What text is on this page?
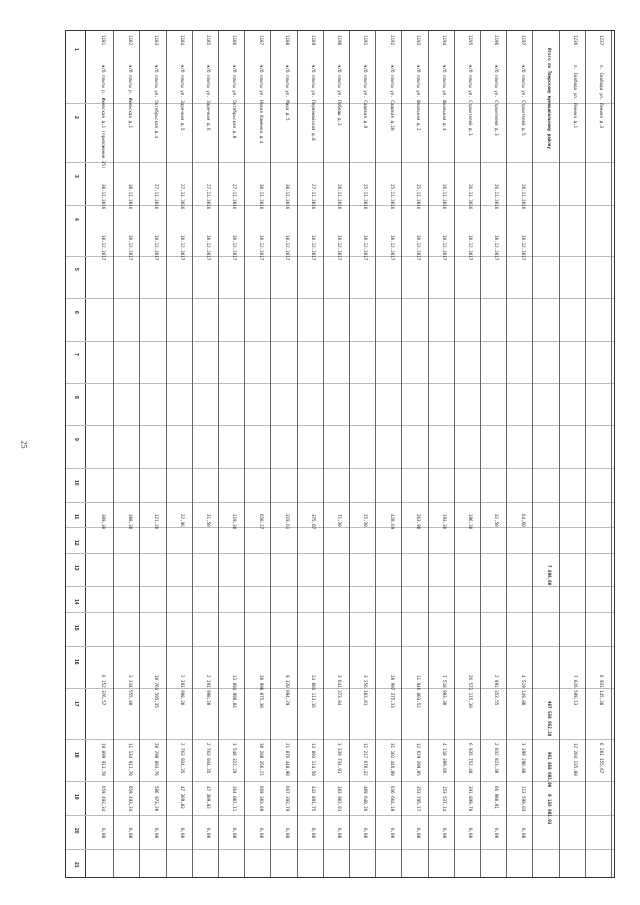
25
1
2
3
4
5
6
7
8
9
10
11
12
13
14
15
16
17
18
19
20
21
1181
ж/б плиты р. Ижевская д.1 (приложение 35)
30.11.2016
10.12.2017
309,30
6 152 376,57
19 899 911,70
659 493,34
0,00
1182
ж/б плиты р. Ижевская д.1
30.11.2016
10.12.2017
308,30
3 234 555,40
11 134 911,70
659 493,34
0,00
1183
ж/б плиты ул. Октябрьская д.4
27.11.2016
10.12.2017
121,20
10 763 595,35
20 298 893,76
586 973,20
0,00
1184
ж/б плиты ул. Заречная д.5
27.11.2016
10.12.2017
32,96
2 391 998,20
2 763 934,35
47 309,83
0,00
1185
ж/б плиты ул. Заречная д.6
27.11.2016
10.12.2017
31,50
2 291 998,20
2 763 934,35
47 309,83
0,00
1186
ж/б плиты ул. Октябрьская д.8
27.11.2016
10.12.2017
119,30
13 894 998,84
3 548 322,29
264 002,11
0,00
1187
ж/б плиты ул. Новая Каменка д.4
30.11.2016
10.12.2017
650,27
20 990 075,30
30 280 356,21
669 303,89
0,00
1188
ж/б плиты ул. Мира д.5
30.11.2016
10.12.2017
319,61
9 320 094,29
21 876 448,90
667 393,79
0,00
1189
ж/б плиты ул. Первомайская д.8
27.11.2016
10.12.2017
375,07
24 003 113,16
13 893 114,50
442 891,75
0,00
1190
ж/б плиты ул. Победы д.3
26.11.2016
10.12.2017
71,30
3 641 373,84
3 339 734,91
103 982,91
0,00
1191
ж/б плиты ул. Садовая д.9
25.11.2016
10.12.2017
25,30
3 256 103,81
11 217 676,32
409 640,26
0,00
1192
ж/б плиты ул. Садовая д.10
25.11.2016
10.12.2017
428,69
28 997 375,33
31 102 446,80
636 664,10
0,00
1193
ж/б плиты ул. Школьная д.2
25.11.2016
10.12.2017
263,90
11 946 803,52
12 629 399,05
353 795,17
0,00
1194
ж/б плиты ул. Школьная д.4
26.11.2016
10.12.2017
193,30
7 518 993,30
4 118 399,66
153 537,14
0,00
1195
ж/б плиты ул. Строителей д.1
26.11.2016
10.12.2017
196,30
26 571 115,30
6 935 752,40
391 899,78
0,00
1196
ж/б плиты ул. Строителей д.3
26.11.2016
10.12.2017
32,50
2 891 353,55
2 032 823,30
66 988,81
0,00
1197
ж/б плиты ул. Строителей д.5
26.11.2016
10.12.2017
64,60
4 519 149,80
3 399 290,80
113 599,03
0,00
Итого по Тверскому муниципальному району
7 898,60
487 558 952,28
961 858 601,08
9 156 801,93
1236
п. Свобода ул. Ленина д.1
7 826 599,13
12 204 135,08
1237
п. Свобода ул. Ленина д.3
6 931 145,38
6 201 155,67
